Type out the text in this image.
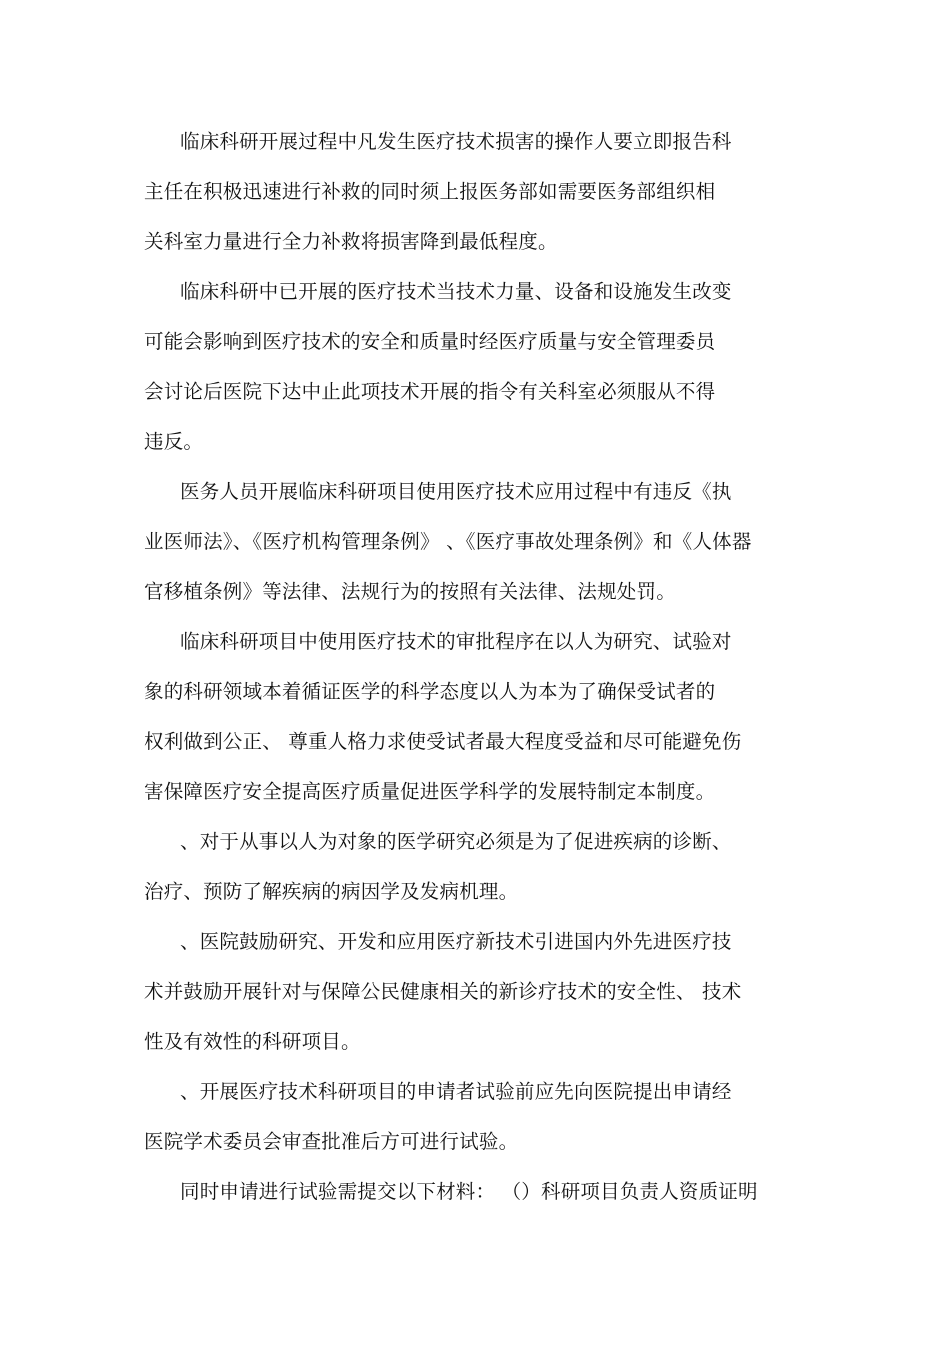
临床科研开展过程中凡发生医疗技术损害的操作人要立即报告科

主任在积极迅速进行补救的同时须上报医务部如需要医务部组织相

关科室力量进行全力补救将损害降到最低程度。

临床科研中已开展的医疗技术当技术力量、设备和设施发生改变

可能会影响到医疗技术的安全和质量时经医疗质量与安全管理委员

会讨论后医院下达中止此项技术开展的指令有关科室必须服从不得

违反。

医务人员开展临床科研项目使用医疗技术应用过程中有违反《执

业医师法》、《医疗机构管理条例》 、《医疗事故处理条例》和《人体器

官移植条例》等法律、法规行为的按照有关法律、法规处罚。

临床科研项目中使用医疗技术的审批程序在以人为研究、试验对

象的科研领域本着循证医学的科学态度以人为本为了确保受试者的

权利做到公正、 尊重人格力求使受试者最大程度受益和尽可能避免伤

害保障医疗安全提高医疗质量促进医学科学的发展特制定本制度。

、对于从事以人为对象的医学研究必须是为了促进疾病的诊断、

治疗、预防了解疾病的病因学及发病机理。

、医院鼓励研究、开发和应用医疗新技术引进国内外先进医疗技

术并鼓励开展针对与保障公民健康相关的新诊疗技术的安全性、 技术

性及有效性的科研项目。

、开展医疗技术科研项目的申请者试验前应先向医院提出申请经

医院学术委员会审查批准后方可进行试验。

同时申请进行试验需提交以下材料： （）科研项目负责人资质证明
